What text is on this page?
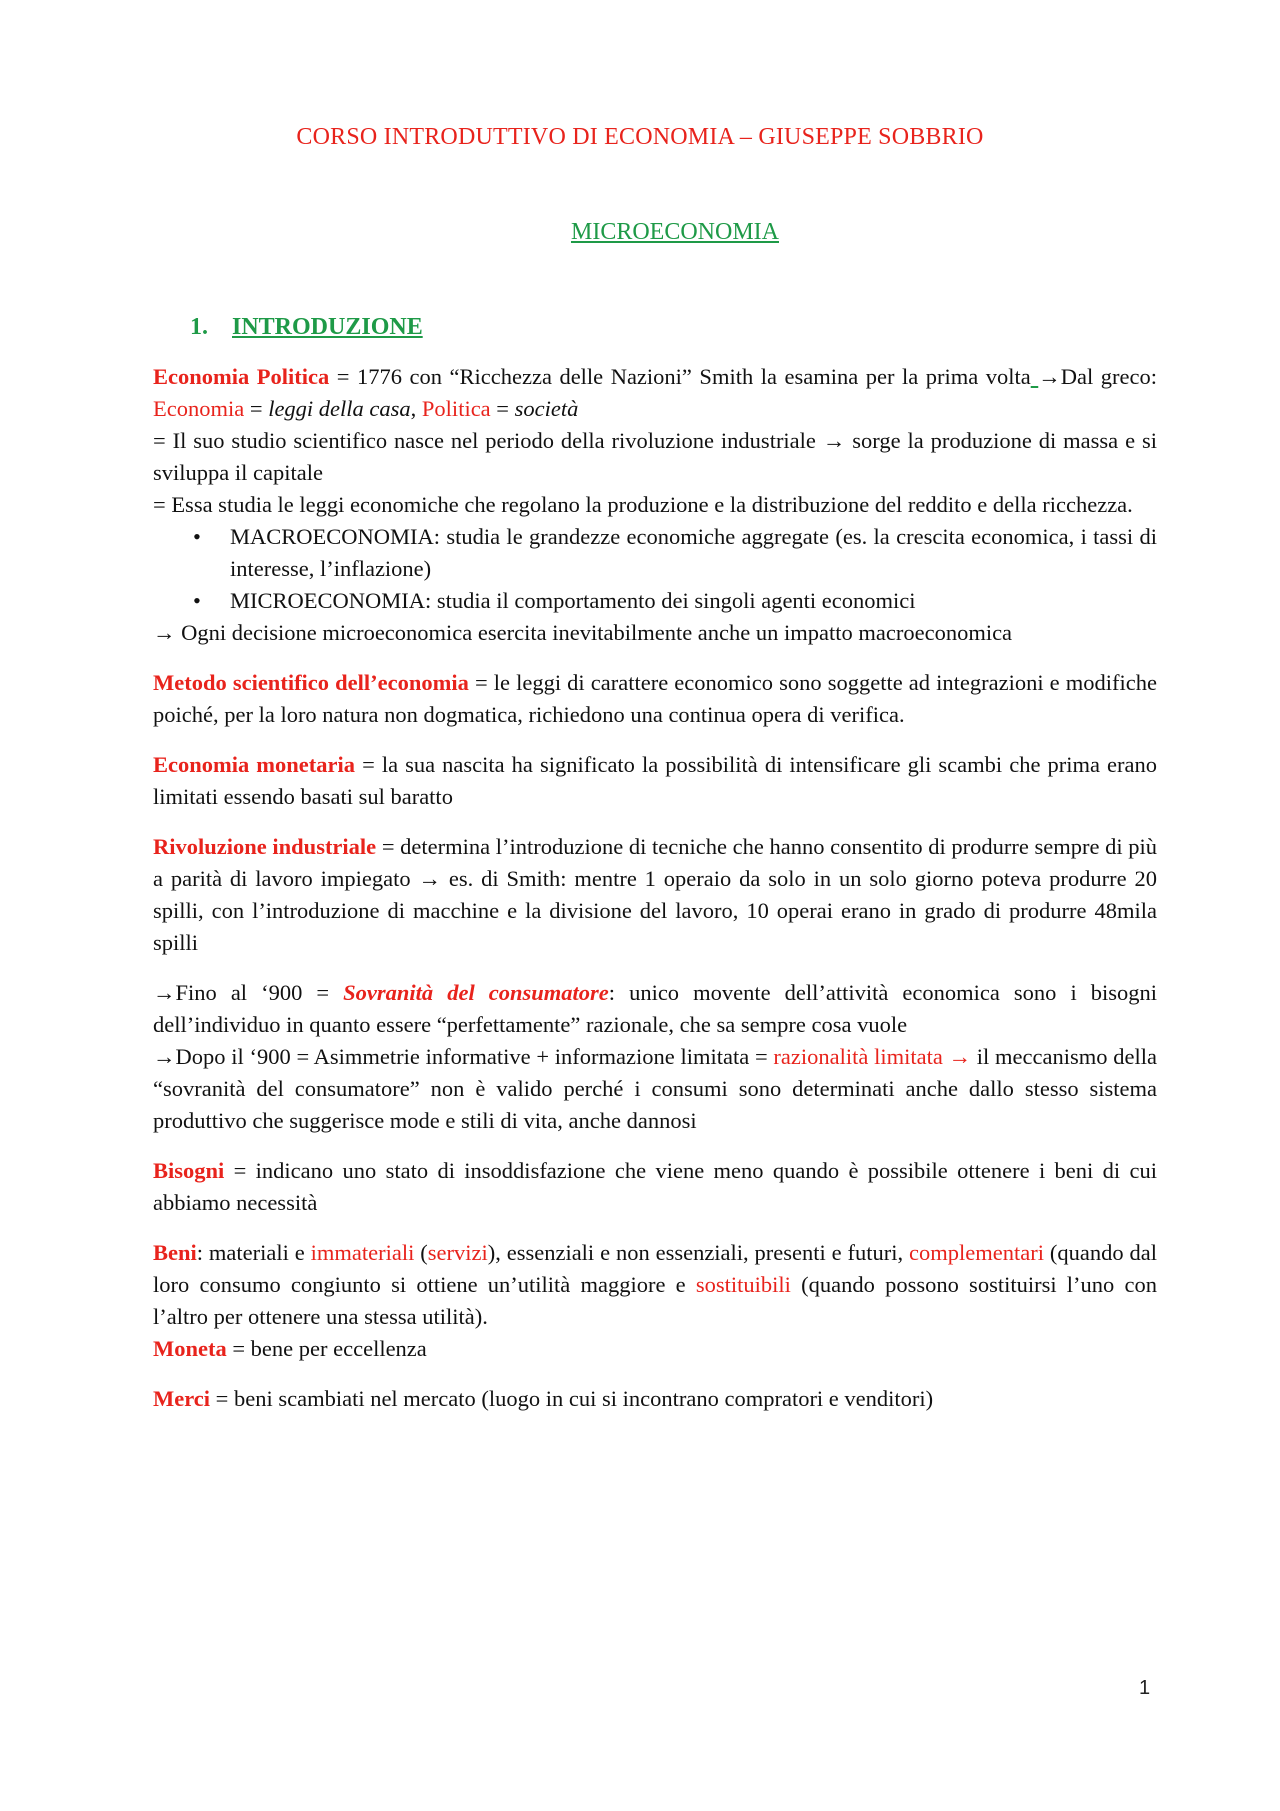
CORSO INTRODUTTIVO DI ECONOMIA – GIUSEPPE SOBBRIO
MICROECONOMIA
1. INTRODUZIONE

Economia Politica = 1776 con “Ricchezza delle Nazioni” Smith la esamina per la prima volta →Dal greco: Economia = leggi della casa, Politica = società

= Il suo studio scientifico nasce nel periodo della rivoluzione industriale → sorge la produzione di massa e si sviluppa il capitale

= Essa studia le leggi economiche che regolano la produzione e la distribuzione del reddito e della ricchezza.

• MACROECONOMIA: studia le grandezze economiche aggregate (es. la crescita economica, i tassi di interesse, l’inflazione)
• MICROECONOMIA: studia il comportamento dei singoli agenti economici

→ Ogni decisione microeconomica esercita inevitabilmente anche un impatto macroeconomica

Metodo scientifico dell’economia = le leggi di carattere economico sono soggette ad integrazioni e modifiche poiché, per la loro natura non dogmatica, richiedono una continua opera di verifica.

Economia monetaria = la sua nascita ha significato la possibilità di intensificare gli scambi che prima erano limitati essendo basati sul baratto

Rivoluzione industriale = determina l’introduzione di tecniche che hanno consentito di produrre sempre di più a parità di lavoro impiegato → es. di Smith: mentre 1 operaio da solo in un solo giorno poteva produrre 20 spilli, con l’introduzione di macchine e la divisione del lavoro, 10 operai erano in grado di produrre 48mila spilli

→Fino al ‘900 = Sovranità del consumatore: unico movente dell’attività economica sono i bisogni dell’individuo in quanto essere “perfettamente” razionale, che sa sempre cosa vuole

→Dopo il ‘900 = Asimmetrie informative + informazione limitata = razionalità limitata → il meccanismo della “sovranità del consumatore” non è valido perché i consumi sono determinati anche dallo stesso sistema produttivo che suggerisce mode e stili di vita, anche dannosi

Bisogni = indicano uno stato di insoddisfazione che viene meno quando è possibile ottenere i beni di cui abbiamo necessità

Beni: materiali e immateriali (servizi), essenziali e non essenziali, presenti e futuri, complementari (quando dal loro consumo congiunto si ottiene un’utilità maggiore e sostituibili (quando possono sostituirsi l’uno con l’altro per ottenere una stessa utilità).
Moneta = bene per eccellenza

Merci = beni scambiati nel mercato (luogo in cui si incontrano compratori e venditori)

1
